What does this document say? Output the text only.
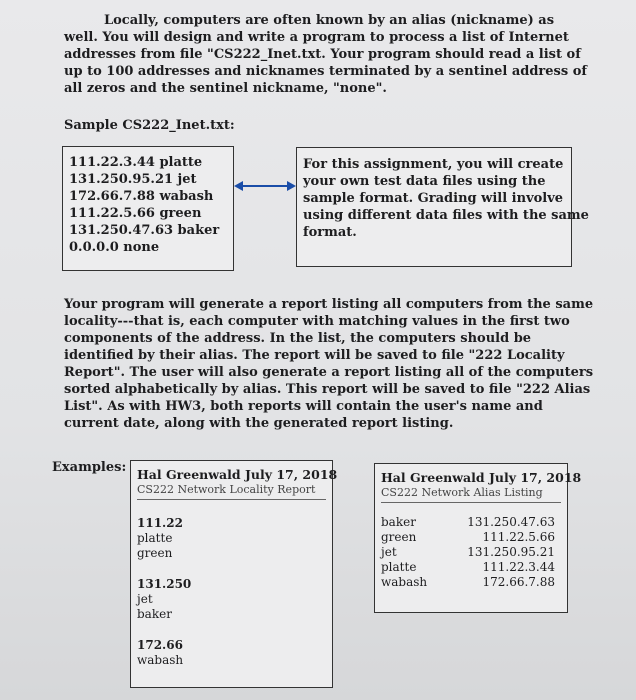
Locally, computers are often known by an alias (nickname) as
well. You will design and write a program to process a list of Internet
addresses from file "CS222_Inet.txt. Your program should read a list of
up to 100 addresses and nicknames terminated by a sentinel address of
all zeros and the sentinel nickname, "none".

Sample CS222_Inet.txt:
111.22.3.44 platte
131.250.95.21 jet
172.66.7.88 wabash
111.22.5.66 green
131.250.47.63 baker
0.0.0.0 none
For this assignment, you will create
your own test data files using the
sample format. Grading will involve
using different data files with the same
format.

Your program will generate a report listing all computers from the same
locality---that is, each computer with matching values in the first two
components of the address. In the list, the computers should be
identified by their alias. The report will be saved to file "222 Locality
Report". The user will also generate a report listing all of the computers
sorted alphabetically by alias. This report will be saved to file "222 Alias
List". As with HW3, both reports will contain the user's name and
current date, along with the generated report listing.

Examples: Hal Greenwald July 17, 2018
CS222 Network Locality Report
111.22
platte
green
131.250
jet
baker
172.66
wabash
Hal Greenwald July 17, 2018
CS222 Network Alias Listing
baker	131.250.47.63
green	111.22.5.66
jet	131.250.95.21
platte	111.22.3.44
wabash	172.66.7.88
